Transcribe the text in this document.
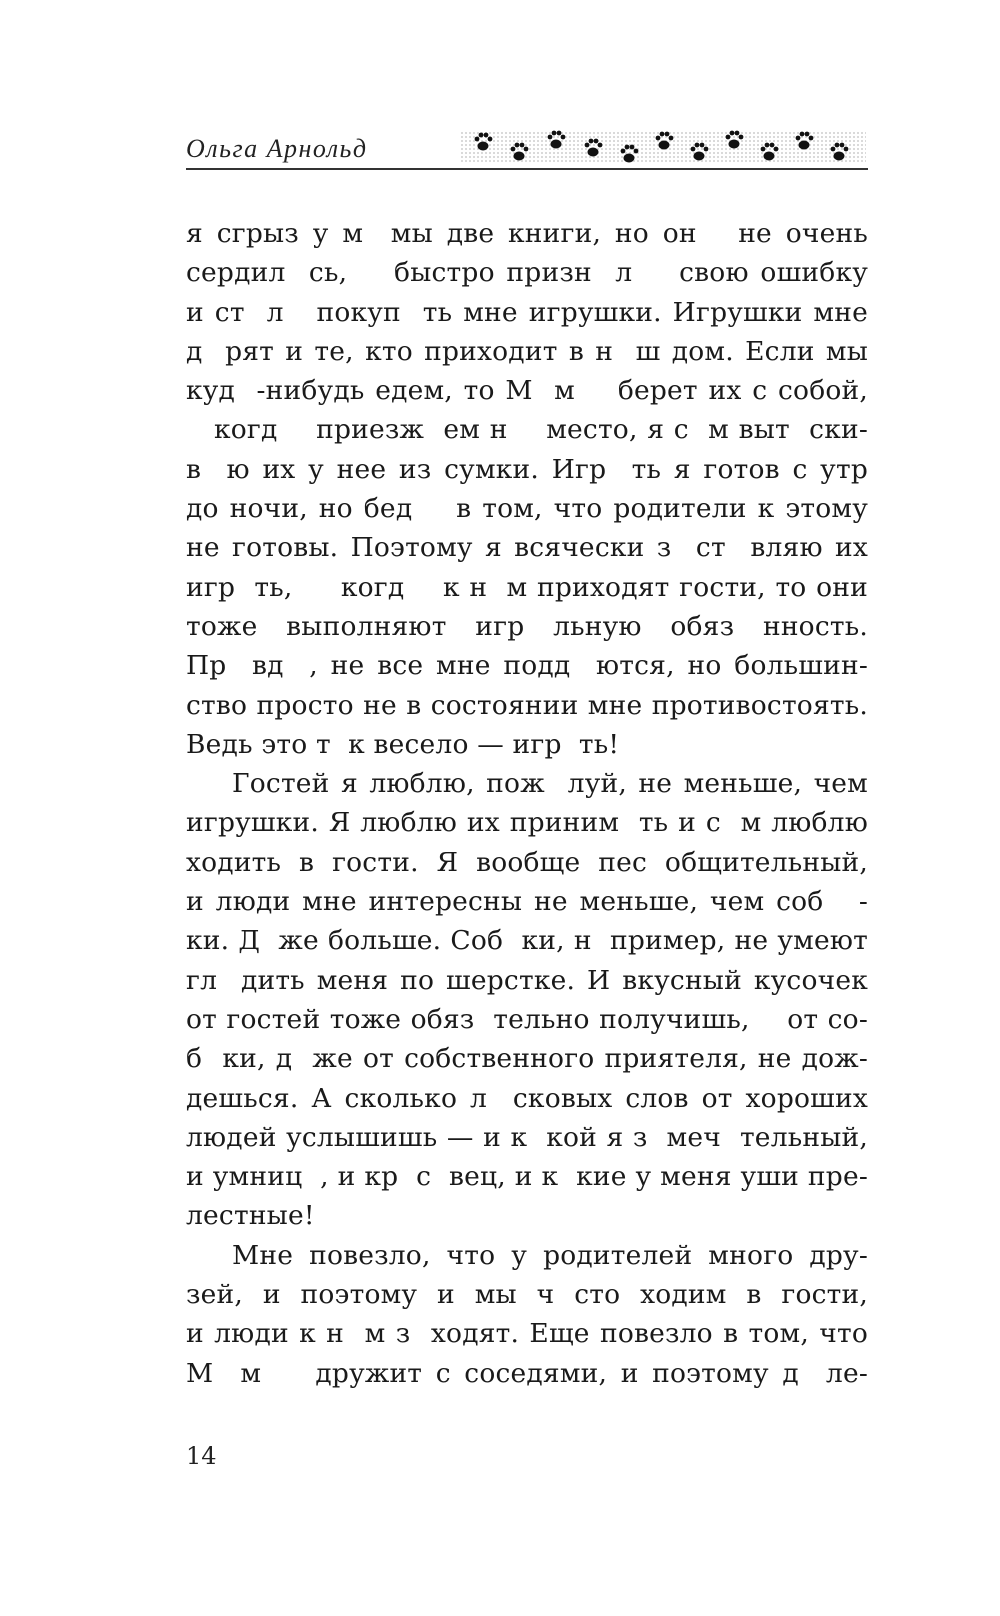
Ольга Арнольд
я сгрыз у м  мы две книги, но он   не очень
сердил  сь,    быстро призн  л    свою ошибку
и ст  л   покуп  ть мне игрушки. Игрушки мне
д  рят и те, кто приходит в н  ш дом. Если мы
куд  -нибудь едем, то М  м    берет их с собой,
когд    приезж  ем н    место, я с  м выт  ски-
в  ю их у нее из сумки. Игр  ть я готов с утр
до ночи, но бед    в том, что родители к этому
не готовы. Поэтому я всячески з  ст  вляю их
игр  ть,     когд    к н  м приходят гости, то они
тоже  выполняют  игр  льную  обяз  нность.
Пр  вд  , не все мне подд  ются, но большин-
ство просто не в состоянии мне противостоять.
Ведь это т  к весело — игр  ть!
Гостей я люблю, пож  луй, не меньше, чем
игрушки. Я люблю их приним  ть и с  м люблю
ходить в гости. Я вообще пес общительный,
и люди мне интересны не меньше, чем соб   -
ки. Д  же больше. Соб  ки, н  пример, не умеют
гл  дить меня по шерстке. И вкусный кусочек
от гостей тоже обяз  тельно получишь,    от со-
б  ки, д  же от собственного приятеля, не дож-
дешься. А сколько л  сковых слов от хороших
людей услышишь — и к  кой я з  меч  тельный,
и умниц  , и кр  с  вец, и к  кие у меня уши пре-
лестные!
Мне повезло, что у родителей много дру-
зей,  и  поэтому  и  мы  ч  сто  ходим  в  гости,
и люди к н  м з  ходят. Еще повезло в том, что
М  м    дружит с соседями, и поэтому д  ле-
14
